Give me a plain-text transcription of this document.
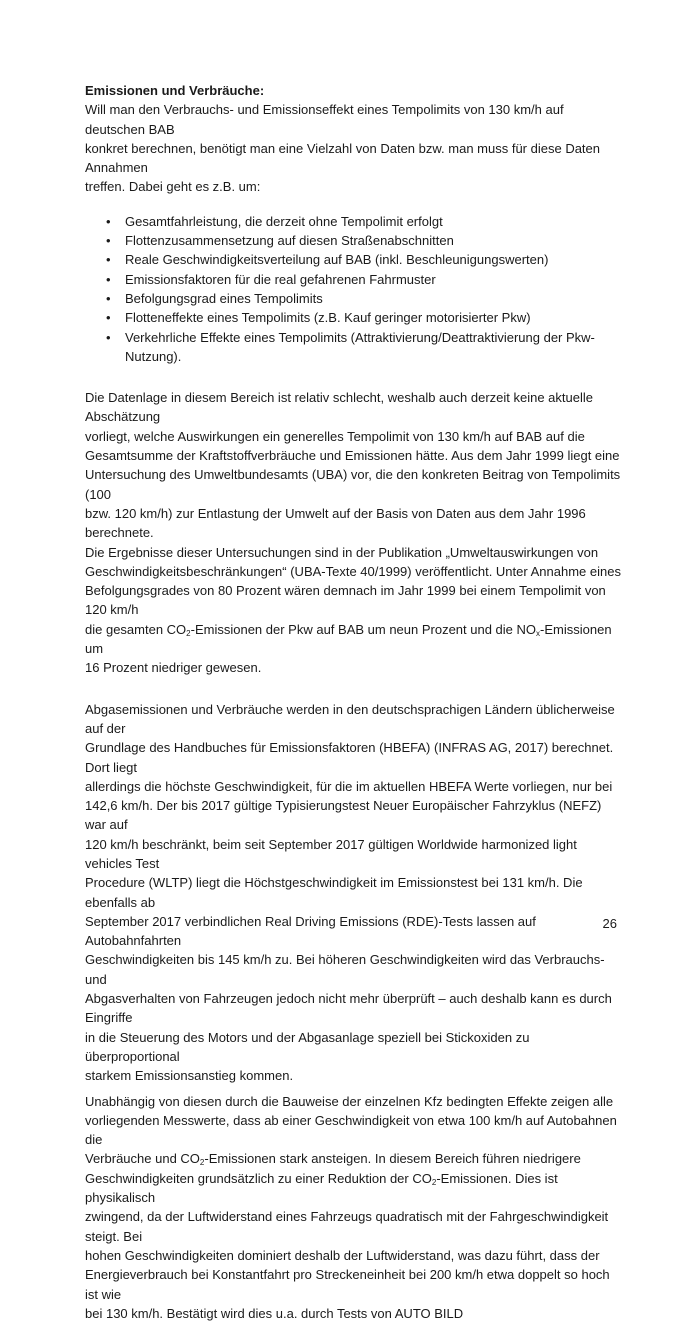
Emissionen und Verbräuche:

Will man den Verbrauchs- und Emissionseffekt eines Tempolimits von 130 km/h auf deutschen BAB
konkret berechnen, benötigt man eine Vielzahl von Daten bzw. man muss für diese Daten Annahmen
treffen. Dabei geht es z.B. um:
• Gesamtfahrleistung, die derzeit ohne Tempolimit erfolgt
• Flottenzusammensetzung auf diesen Straßenabschnitten
• Reale Geschwindigkeitsverteilung auf BAB (inkl. Beschleunigungswerten)
• Emissionsfaktoren für die real gefahrenen Fahrmuster
• Befolgungsgrad eines Tempolimits
• Flotteneffekte eines Tempolimits (z.B. Kauf geringer motorisierter Pkw)
• Verkehrliche Effekte eines Tempolimits (Attraktivierung/Deattraktivierung der Pkw-Nutzung).
Die Datenlage in diesem Bereich ist relativ schlecht, weshalb auch derzeit keine aktuelle Abschätzung
vorliegt, welche Auswirkungen ein generelles Tempolimit von 130 km/h auf BAB auf die
Gesamtsumme der Kraftstoffverbräuche und Emissionen hätte. Aus dem Jahr 1999 liegt eine
Untersuchung des Umweltbundesamts (UBA) vor, die den konkreten Beitrag von Tempolimits (100
bzw. 120 km/h) zur Entlastung der Umwelt auf der Basis von Daten aus dem Jahr 1996 berechnete.
Die Ergebnisse dieser Untersuchungen sind in der Publikation „Umweltauswirkungen von
Geschwindigkeitsbeschränkungen“ (UBA-Texte 40/1999) veröffentlicht. Unter Annahme eines
Befolgungsgrades von 80 Prozent wären demnach im Jahr 1999 bei einem Tempolimit von 120 km/h
die gesamten $CO_2$-Emissionen der Pkw auf BAB um neun Prozent und die $NO_x$-Emissionen um
16 Prozent niedriger gewesen.
Abgasemissionen und Verbräuche werden in den deutschsprachigen Ländern üblicherweise auf der
Grundlage des Handbuches für Emissionsfaktoren (HBEFA) (INFRAS AG, 2017) berechnet. Dort liegt
allerdings die höchste Geschwindigkeit, für die im aktuellen HBEFA Werte vorliegen, nur bei
142,6 km/h. Der bis 2017 gültige Typisierungstest Neuer Europäischer Fahrzyklus (NEFZ) war auf
120 km/h beschränkt, beim seit September 2017 gültigen Worldwide harmonized light vehicles Test
Procedure (WLTP) liegt die Höchstgeschwindigkeit im Emissionstest bei 131 km/h. Die ebenfalls ab
September 2017 verbindlichen Real Driving Emissions (RDE)-Tests lassen auf Autobahnfahrten
Geschwindigkeiten bis 145 km/h zu. Bei höheren Geschwindigkeiten wird das Verbrauchs- und
Abgasverhalten von Fahrzeugen jedoch nicht mehr überprüft – auch deshalb kann es durch Eingriffe
in die Steuerung des Motors und der Abgasanlage speziell bei Stickoxiden zu überproportional
starkem Emissionsanstieg kommen.
Unabhängig von diesen durch die Bauweise der einzelnen Kfz bedingten Effekte zeigen alle
vorliegenden Messwerte, dass ab einer Geschwindigkeit von etwa 100 km/h auf Autobahnen die
Verbräuche und $CO_2$-Emissionen stark ansteigen. In diesem Bereich führen niedrigere
Geschwindigkeiten grundsätzlich zu einer Reduktion der $CO_2$-Emissionen. Dies ist physikalisch
zwingend, da der Luftwiderstand eines Fahrzeugs quadratisch mit der Fahrgeschwindigkeit steigt. Bei
hohen Geschwindigkeiten dominiert deshalb der Luftwiderstand, was dazu führt, dass der
Energieverbrauch bei Konstantfahrt pro Streckeneinheit bei 200 km/h etwa doppelt so hoch ist wie
bei 130 km/h. Bestätigt wird dies u.a. durch Tests von AUTO BILD
26
